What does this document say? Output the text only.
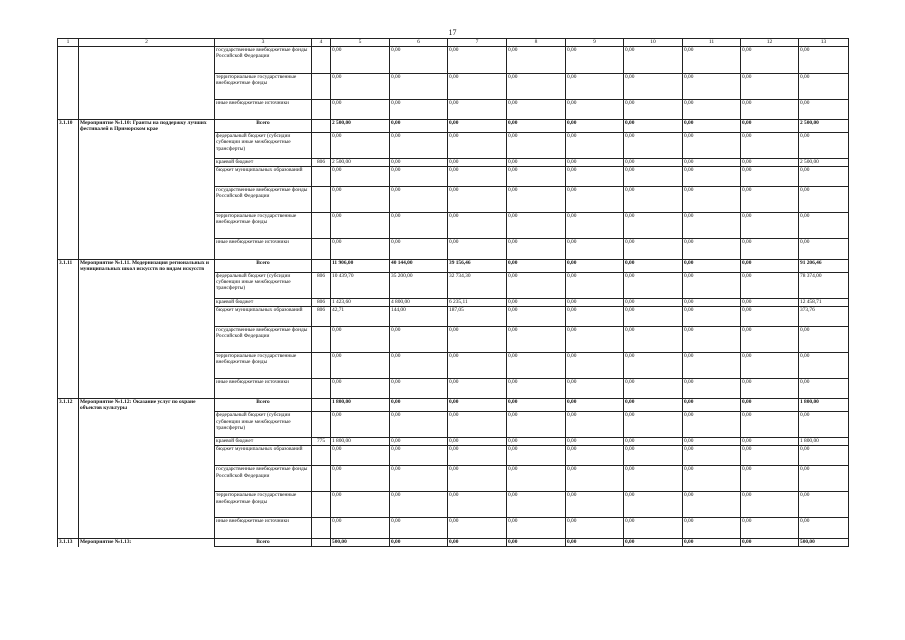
17
1	2	3	4	5	6	7	8	9	10	11	12	13
		государственные внебюджетные фонды Российской Федерации		0,00	0,00	0,00	0,00	0,00	0,00	0,00	0,00	0,00
		территориальные государственные внебюджетные фонды		0,00	0,00	0,00	0,00	0,00	0,00	0,00	0,00	0,00
		иные внебюджетные источники		0,00	0,00	0,00	0,00	0,00	0,00	0,00	0,00	0,00
3.1.10	Мероприятие №1.10: Гранты на поддержку лучших фестивалей в Приморском крае	Всего		2 500,00	0,00	0,00	0,00	0,00	0,00	0,00	0,00	2 500,00
		федеральный бюджет (субсидии субвенции иные межбюджетные трансферты)		0,00	0,00	0,00	0,00	0,00	0,00	0,00	0,00	0,00
		краевой бюджет	806	2 500,00	0,00	0,00	0,00	0,00	0,00	0,00	0,00	2 500,00
		бюджет муниципальных образований		0,00	0,00	0,00	0,00	0,00	0,00	0,00	0,00	0,00
		государственные внебюджетные фонды Российской Федерации		0,00	0,00	0,00	0,00	0,00	0,00	0,00	0,00	0,00
		территориальные государственные внебюджетные фонды		0,00	0,00	0,00	0,00	0,00	0,00	0,00	0,00	0,00
		иные внебюджетные источники		0,00	0,00	0,00	0,00	0,00	0,00	0,00	0,00	0,00
3.1.11	Мероприятие №1.11. Модернизация региональных и муниципальных школ искусств по видам искусств	Всего		11 906,00	40 144,00	39 156,46	0,00	0,00	0,00	0,00	0,00	91 206,46
		федеральный бюджет (субсидии субвенции иные межбюджетные трансферты)	806	10 439,70	35 200,00	32 734,30	0,00	0,00	0,00	0,00	0,00	78 374,00
		краевой бюджет	806	1 423,60	4 800,00	6 235,11	0,00	0,00	0,00	0,00	0,00	12 458,71
		бюджет муниципальных образований	806	42,71	144,00	187,05	0,00	0,00	0,00	0,00	0,00	373,76
		государственные внебюджетные фонды Российской Федерации		0,00	0,00	0,00	0,00	0,00	0,00	0,00	0,00	0,00
		территориальные государственные внебюджетные фонды		0,00	0,00	0,00	0,00	0,00	0,00	0,00	0,00	0,00
		иные внебюджетные источники		0,00	0,00	0,00	0,00	0,00	0,00	0,00	0,00	0,00
3.1.12	Мероприятие №1.12: Оказание услуг по охране объектов культуры	Всего		1 800,00	0,00	0,00	0,00	0,00	0,00	0,00	0,00	1 800,00
		федеральный бюджет (субсидии субвенции иные межбюджетные трансферты)		0,00	0,00	0,00	0,00	0,00	0,00	0,00	0,00	0,00
		краевой бюджет	775	1 800,00	0,00	0,00	0,00	0,00	0,00	0,00	0,00	1 800,00
		бюджет муниципальных образований		0,00	0,00	0,00	0,00	0,00	0,00	0,00	0,00	0,00
		государственные внебюджетные фонды Российской Федерации		0,00	0,00	0,00	0,00	0,00	0,00	0,00	0,00	0,00
		территориальные государственные внебюджетные фонды		0,00	0,00	0,00	0,00	0,00	0,00	0,00	0,00	0,00
		иные внебюджетные источники		0,00	0,00	0,00	0,00	0,00	0,00	0,00	0,00	0,00
3.1.13	Мероприятие №1.13:	Всего		500,00	0,00	0,00	0,00	0,00	0,00	0,00	0,00	500,00
